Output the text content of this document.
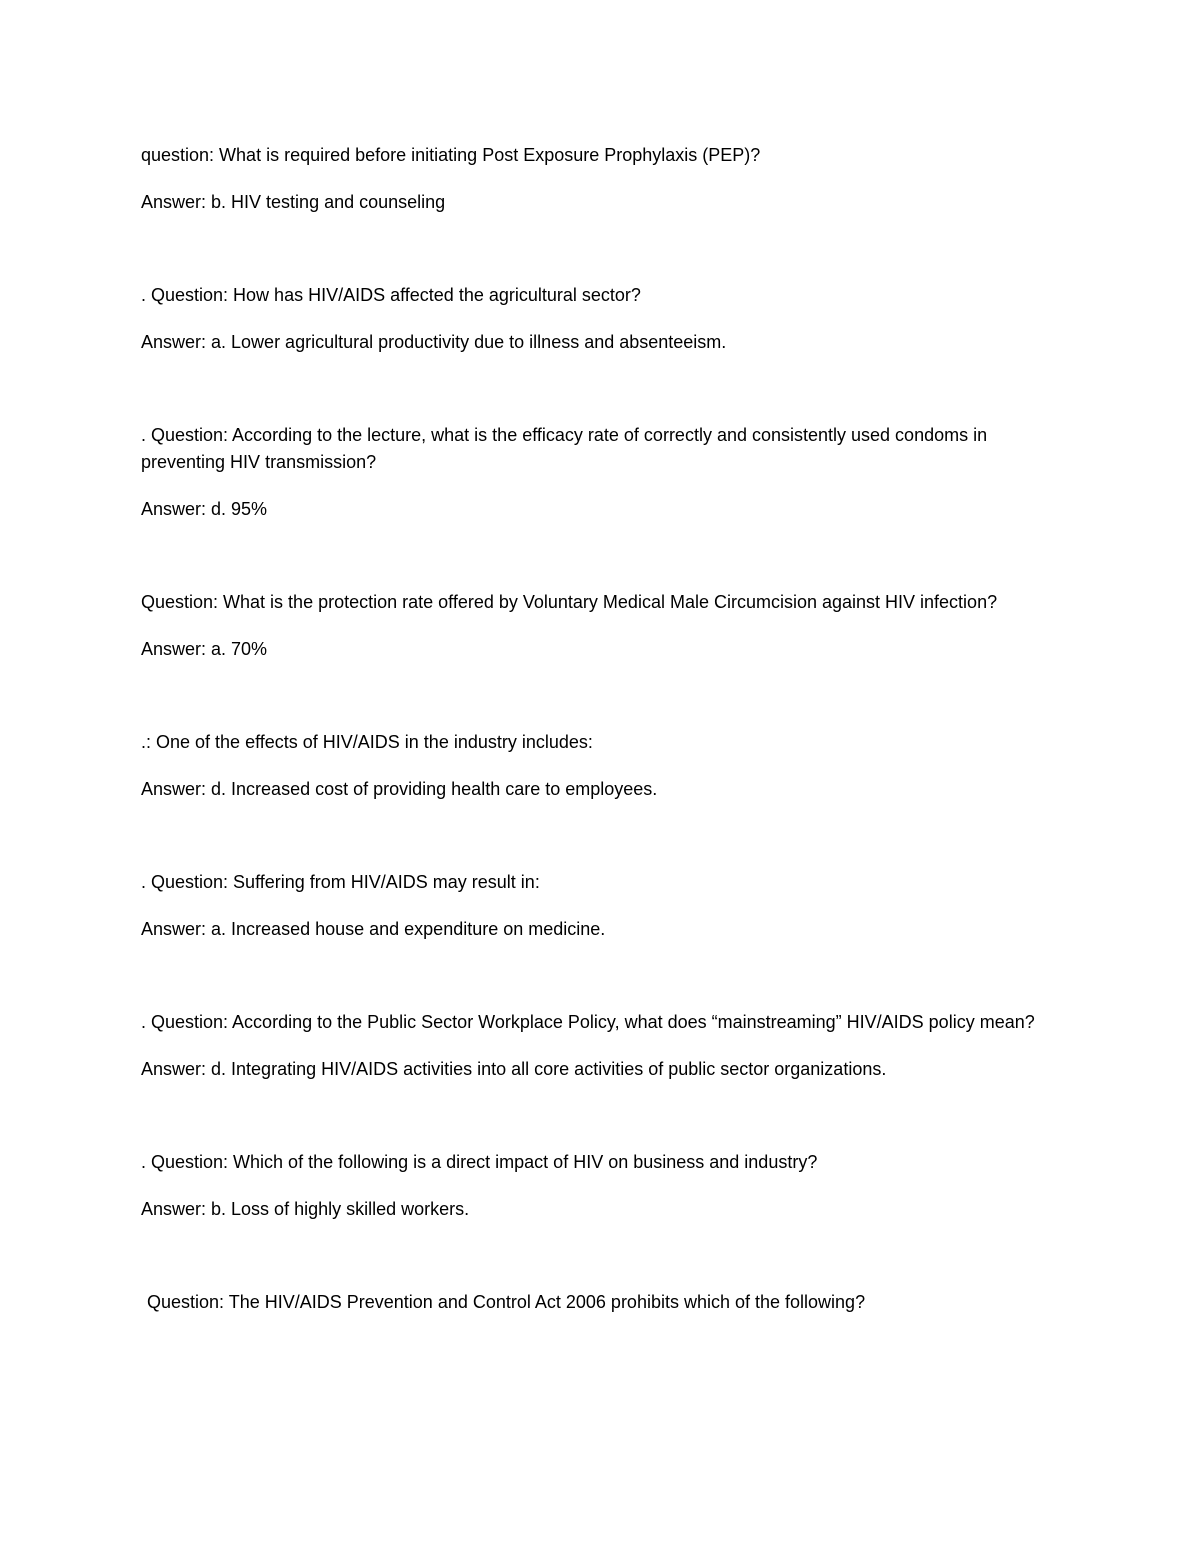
question: What is required before initiating Post Exposure Prophylaxis (PEP)?

Answer: b. HIV testing and counseling

. Question: How has HIV/AIDS affected the agricultural sector?

Answer: a. Lower agricultural productivity due to illness and absenteeism.

. Question: According to the lecture, what is the efficacy rate of correctly and consistently used condoms in preventing HIV transmission?

Answer: d. 95%

Question: What is the protection rate offered by Voluntary Medical Male Circumcision against HIV infection?

Answer: a. 70%

.: One of the effects of HIV/AIDS in the industry includes:

Answer: d. Increased cost of providing health care to employees.

. Question: Suffering from HIV/AIDS may result in:

Answer: a. Increased house and expenditure on medicine.

. Question: According to the Public Sector Workplace Policy, what does “mainstreaming” HIV/AIDS policy mean?

Answer: d. Integrating HIV/AIDS activities into all core activities of public sector organizations.

. Question: Which of the following is a direct impact of HIV on business and industry?

Answer: b. Loss of highly skilled workers.

Question: The HIV/AIDS Prevention and Control Act 2006 prohibits which of the following?
